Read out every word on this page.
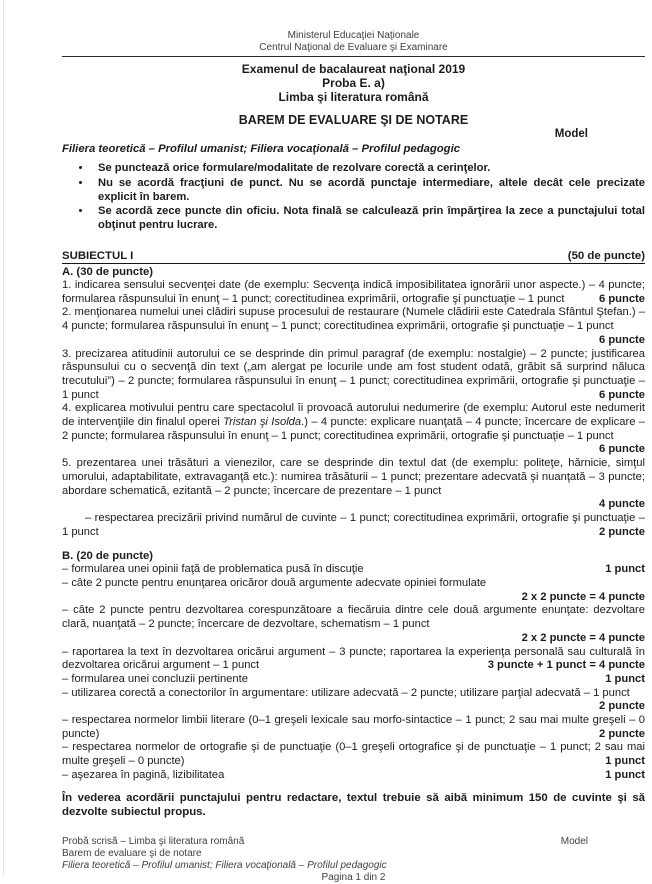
Ministerul Educaţiei Naţionale
Centrul Naţional de Evaluare şi Examinare
Examenul de bacalaureat naţional 2019
Proba E. a)
Limba şi literatura română
BAREM DE EVALUARE ŞI DE NOTARE
Model
Filiera teoretică – Profilul umanist; Filiera vocaţională – Profilul pedagogic
• Se punctează orice formulare/modalitate de rezolvare corectă a cerinţelor.
• Nu se acordă fracţiuni de punct. Nu se acordă punctaje intermediare, altele decât cele precizate explicit în barem.
• Se acordă zece puncte din oficiu. Nota finală se calculează prin împărţirea la zece a punctajului total obţinut pentru lucrare.
SUBIECTUL I	(50 de puncte)
A. (30 de puncte)

1. indicarea sensului secvenţei date (de exemplu: Secvenţa indică imposibilitatea ignorării unor aspecte.) – 4 puncte; formularea răspunsului în enunţ – 1 punct; corectitudinea exprimării, ortografie şi punctuaţie – 1 punct	6 puncte

2. menţionarea numelui unei clădiri supuse procesului de restaurare (Numele clădirii este Catedrala Sfântul Ştefan.) – 4 puncte; formularea răspunsului în enunţ – 1 punct; corectitudinea exprimării, ortografie şi punctuaţie – 1 punct
6 puncte

3. precizarea atitudinii autorului ce se desprinde din primul paragraf (de exemplu: nostalgie) – 2 puncte; justificarea răspunsului cu o secvenţă din text („am alergat pe locurile unde am fost student odată, grăbit să surprind năluca trecutului”) – 2 puncte; formularea răspunsului în enunţ – 1 punct; corectitudinea exprimării, ortografie şi punctuaţie – 1 punct	6 puncte

4. explicarea motivului pentru care spectacolul îi provoacă autorului nedumerire (de exemplu: Autorul este nedumerit de intervenţiile din finalul operei Tristan şi Isolda.) – 4 puncte: explicare nuanţată – 4 puncte; încercare de explicare – 2 puncte; formularea răspunsului în enunţ – 1 punct; corectitudinea exprimării, ortografie şi punctuaţie – 1 punct
6 puncte

5. prezentarea unei trăsături a vienezilor, care se desprinde din textul dat (de exemplu: politeţe, hărnicie, simţul umorului, adaptabilitate, extravaganţă etc.): numirea trăsăturii – 1 punct; prezentare adecvată şi nuanţată – 3 puncte; abordare schematică, ezitantă – 2 puncte; încercare de prezentare – 1 punct
4 puncte

– respectarea precizării privind numărul de cuvinte – 1 punct; corectitudinea exprimării, ortografie şi punctuaţie – 1 punct	2 puncte

B. (20 de puncte)

– formularea unei opinii faţă de problematica pusă în discuţie	1 punct

– câte 2 puncte pentru enunţarea oricăror două argumente adecvate opiniei formulate
2 x 2 puncte = 4 puncte

– câte 2 puncte pentru dezvoltarea corespunzătoare a fiecăruia dintre cele două argumente enunţate: dezvoltare clară, nuanţată – 2 puncte; încercare de dezvoltare, schematism – 1 punct
2 x 2 puncte = 4 puncte

– raportarea la text în dezvoltarea oricărui argument – 3 puncte; raportarea la experienţa personală sau culturală în dezvoltarea oricărui argument – 1 punct	3 puncte + 1 punct = 4 puncte

– formularea unei concluzii pertinente	1 punct

– utilizarea corectă a conectorilor în argumentare: utilizare adecvată – 2 puncte; utilizare parţial adecvată – 1 punct
2 puncte

– respectarea normelor limbii literare (0–1 greşeli lexicale sau morfo-sintactice – 1 punct; 2 sau mai multe greşeli – 0 puncte)	2 puncte

– respectarea normelor de ortografie şi de punctuaţie (0–1 greşeli ortografice şi de punctuaţie – 1 punct; 2 sau mai multe greşeli – 0 puncte)	1 punct

– aşezarea în pagină, lizibilitatea	1 punct

În vederea acordării punctajului pentru redactare, textul trebuie să aibă minimum 150 de cuvinte şi să dezvolte subiectul propus.

Model
Probă scrisă – Limba şi literatura română
Barem de evaluare şi de notare
Filiera teoretică – Profilul umanist; Filiera vocaţională – Profilul pedagogic
Pagina 1 din 2
